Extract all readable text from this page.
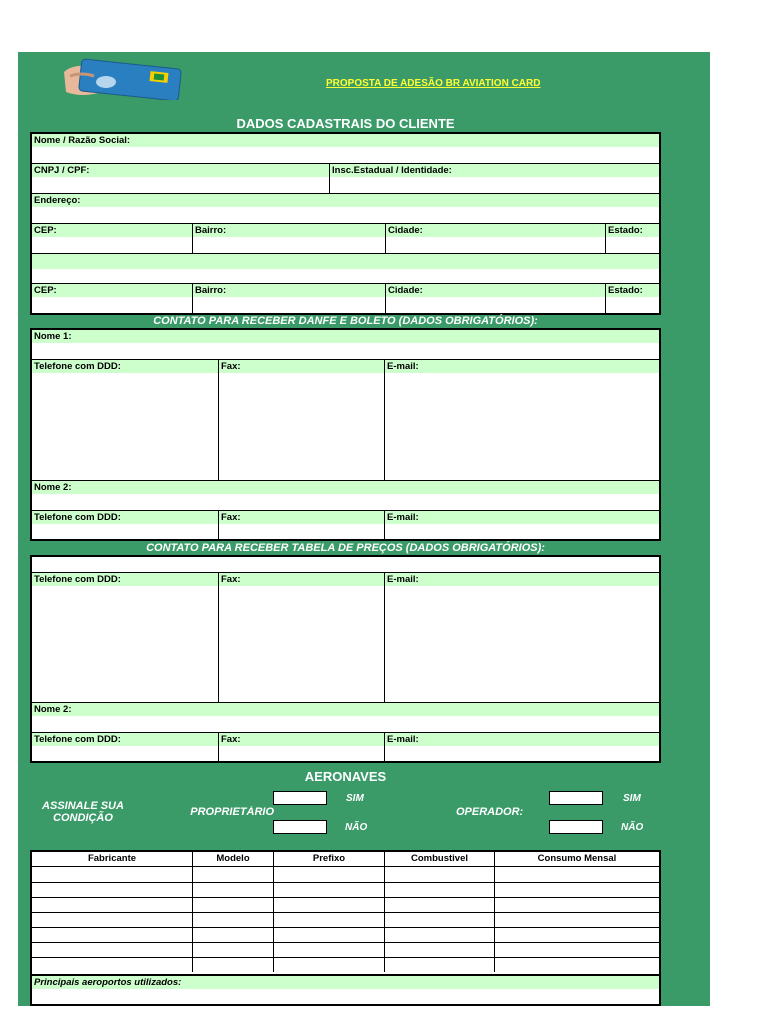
PROPOSTA DE ADESÃO BR AVIATION CARD
DADOS CADASTRAIS DO CLIENTE
Nome / Razão Social:
CNPJ / CPF:	Insc.Estadual / Identidade:
Endereço:
CEP:	Bairro:	Cidade:	Estado:
CEP:	Bairro:	Cidade:	Estado:
CONTATO PARA RECEBER DANFE E BOLETO (DADOS OBRIGATÓRIOS):
Nome 1:
Telefone com DDD:	Fax:	E-mail:
Nome 2:
Telefone com DDD:	Fax:	E-mail:
CONTATO PARA RECEBER TABELA DE PREÇOS (DADOS OBRIGATÓRIOS):
Telefone com DDD:	Fax:	E-mail:
Nome 2:
Telefone com DDD:	Fax:	E-mail:
AERONAVES
ASSINALE SUA CONDIÇÃO	PROPRIETÁRIO
SIM
NÃO
OPERADOR:
SIM
NÃO
Fabricante	Modelo	Prefixo	Combustivel	Consumo Mensal
Principais aeroportos utilizados:
